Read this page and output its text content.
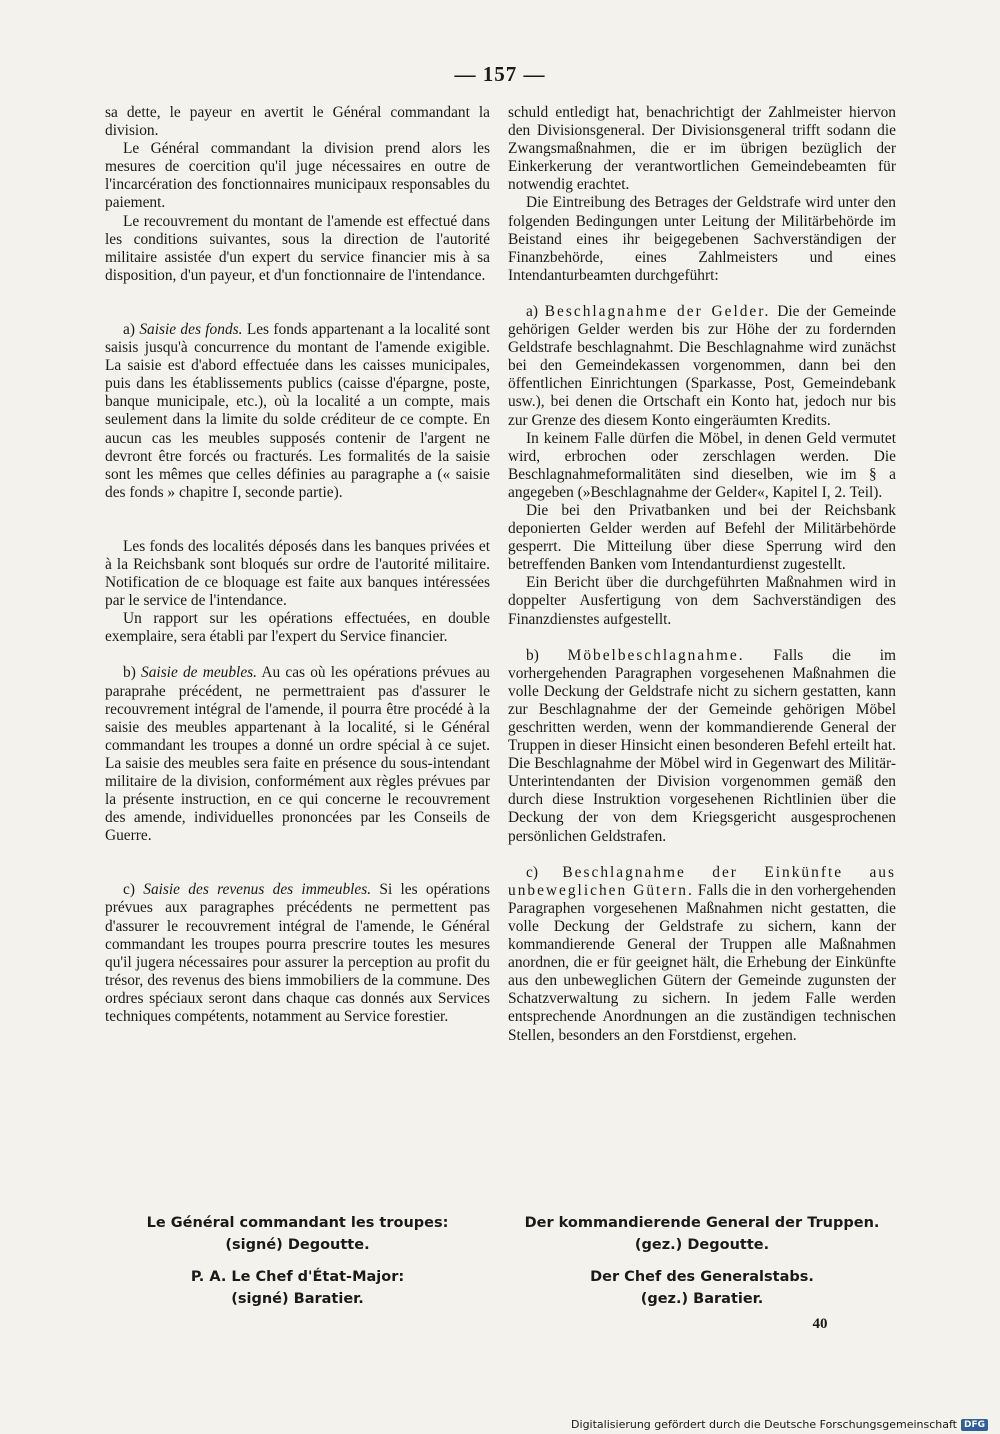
— 157 —

sa dette, le payeur en avertit le Général commandant la division.

Le Général commandant la division prend alors les mesures de coercition qu'il juge nécessaires en outre de l'incarcération des fonctionnaires municipaux responsables du paiement.

Le recouvrement du montant de l'amende est effectué dans les conditions suivantes, sous la direction de l'autorité militaire assistée d'un expert du service financier mis à sa disposition, d'un payeur, et d'un fonctionnaire de l'intendance.

a) Saisie des fonds. Les fonds appartenant a la localité sont saisis jusqu'à concurrence du montant de l'amende exigible. La saisie est d'abord effectuée dans les caisses municipales, puis dans les établissements publics (caisse d'épargne, poste, banque municipale, etc.), où la localité a un compte, mais seulement dans la limite du solde créditeur de ce compte. En aucun cas les meubles supposés contenir de l'argent ne devront être forcés ou fracturés. Les formalités de la saisie sont les mêmes que celles définies au paragraphe a (« saisie des fonds » chapitre I, seconde partie).

Les fonds des localités déposés dans les banques privées et à la Reichsbank sont bloqués sur ordre de l'autorité militaire. Notification de ce bloquage est faite aux banques intéressées par le service de l'intendance.

Un rapport sur les opérations effectuées, en double exemplaire, sera établi par l'expert du Service financier.

b) Saisie de meubles. Au cas où les opérations prévues au paraprahe précédent, ne permettraient pas d'assurer le recouvrement intégral de l'amende, il pourra être procédé à la saisie des meubles appartenant à la localité, si le Général commandant les troupes a donné un ordre spécial à ce sujet. La saisie des meubles sera faite en présence du sous-intendant militaire de la division, conformément aux règles prévues par la présente instruction, en ce qui concerne le recouvrement des amende, individuelles prononcées par les Conseils de Guerre.

c) Saisie des revenus des immeubles. Si les opérations prévues aux paragraphes précédents ne permettent pas d'assurer le recouvrement intégral de l'amende, le Général commandant les troupes pourra prescrire toutes les mesures qu'il jugera nécessaires pour assurer la perception au profit du trésor, des revenus des biens immobiliers de la commune. Des ordres spéciaux seront dans chaque cas donnés aux Services techniques compétents, notamment au Service forestier.

schuld entledigt hat, benachrichtigt der Zahlmeister hiervon den Divisionsgeneral. Der Divisionsgeneral trifft sodann die Zwangsmaßnahmen, die er im übrigen bezüglich der Einkerkerung der verantwortlichen Gemeindebeamten für notwendig erachtet.

Die Eintreibung des Betrages der Geldstrafe wird unter den folgenden Bedingungen unter Leitung der Militärbehörde im Beistand eines ihr beigegebenen Sachverständigen der Finanzbehörde, eines Zahlmeisters und eines Intendanturbeamten durchgeführt:

a) Beschlagnahme der Gelder. Die der Gemeinde gehörigen Gelder werden bis zur Höhe der zu fordernden Geldstrafe beschlagnahmt. Die Beschlagnahme wird zunächst bei den Gemeindekassen vorgenommen, dann bei den öffentlichen Einrichtungen (Sparkasse, Post, Gemeindebank usw.), bei denen die Ortschaft ein Konto hat, jedoch nur bis zur Grenze des diesem Konto eingeräumten Kredits.

In keinem Falle dürfen die Möbel, in denen Geld vermutet wird, erbrochen oder zerschlagen werden. Die Beschlagnahmeformalitäten sind dieselben, wie im § a angegeben (»Beschlagnahme der Gelder«, Kapitel I, 2. Teil).

Die bei den Privatbanken und bei der Reichsbank deponierten Gelder werden auf Befehl der Militärbehörde gesperrt. Die Mitteilung über diese Sperrung wird den betreffenden Banken vom Intendanturdienst zugestellt.

Ein Bericht über die durchgeführten Maßnahmen wird in doppelter Ausfertigung von dem Sachverständigen des Finanzdienstes aufgestellt.

b) Möbelbeschlagnahme. Falls die im vorhergehenden Paragraphen vorgesehenen Maßnahmen die volle Deckung der Geldstrafe nicht zu sichern gestatten, kann zur Beschlagnahme der der Gemeinde gehörigen Möbel geschritten werden, wenn der kommandierende General der Truppen in dieser Hinsicht einen besonderen Befehl erteilt hat. Die Beschlagnahme der Möbel wird in Gegenwart des Militär-Unterintendanten der Division vorgenommen gemäß den durch diese Instruktion vorgesehenen Richtlinien über die Deckung der von dem Kriegsgericht ausgesprochenen persönlichen Geldstrafen.

c) Beschlagnahme der Einkünfte aus unbeweglichen Gütern. Falls die in den vorhergehenden Paragraphen vorgesehenen Maßnahmen nicht gestatten, die volle Deckung der Geldstrafe zu sichern, kann der kommandierende General der Truppen alle Maßnahmen anordnen, die er für geeignet hält, die Erhebung der Einkünfte aus den unbeweglichen Gütern der Gemeinde zugunsten der Schatzverwaltung zu sichern. In jedem Falle werden entsprechende Anordnungen an die zuständigen technischen Stellen, besonders an den Forstdienst, ergehen.

Le Général commandant les troupes:
(signé) Degoutte.
P. A. Le Chef d'État-Major:
(signé) Baratier.
Der kommandierende General der Truppen.
(gez.) Degoutte.
Der Chef des Generalstabs.
(gez.) Baratier.
40
Digitalisierung gefördert durch die Deutsche Forschungsgemeinschaft DFG
